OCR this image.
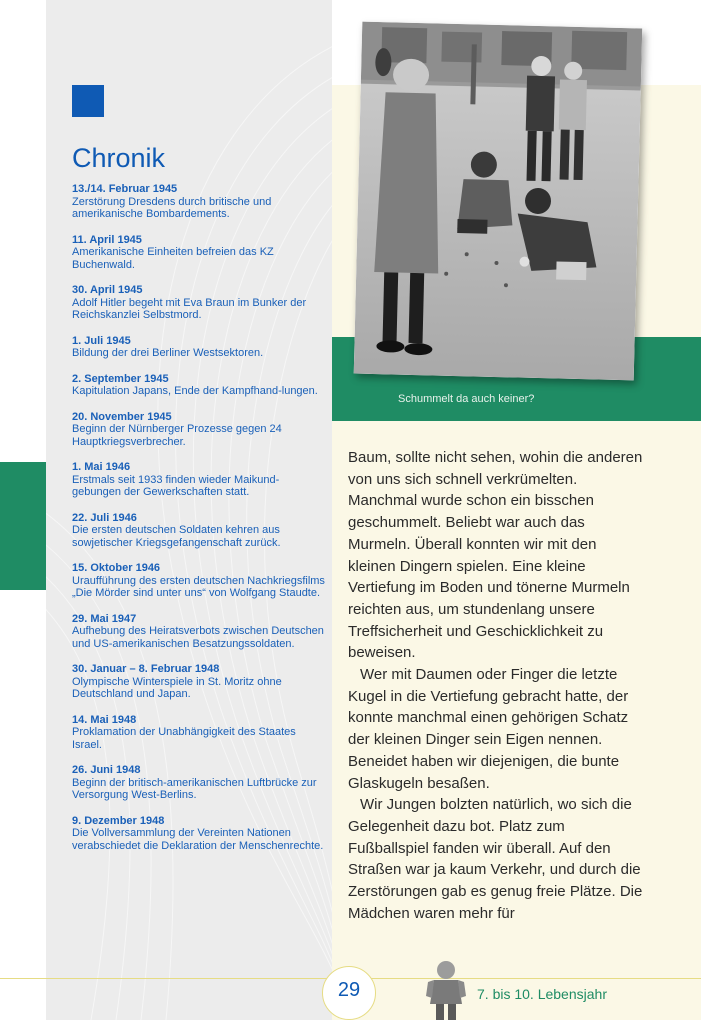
Chronik
13./14. Februar 1945
Zerstörung Dresdens durch britische und amerikanische Bombardements.
11. April 1945
Amerikanische Einheiten befreien das KZ Buchenwald.
30. April 1945
Adolf Hitler begeht mit Eva Braun im Bunker der Reichskanzlei Selbstmord.
1. Juli 1945
Bildung der drei Berliner Westsektoren.
2. September 1945
Kapitulation Japans, Ende der Kampfhand-lungen.
20. November 1945
Beginn der Nürnberger Prozesse gegen 24 Hauptkriegsverbrecher.
1. Mai 1946
Erstmals seit 1933 finden wieder Maikund-gebungen der Gewerkschaften statt.
22. Juli 1946
Die ersten deutschen Soldaten kehren aus sowjetischer Kriegsgefangenschaft zurück.
15. Oktober 1946
Uraufführung des ersten deutschen Nachkriegsfilms „Die Mörder sind unter uns“ von Wolfgang Staudte.
29. Mai 1947
Aufhebung des Heiratsverbots zwischen Deutschen und US-amerikanischen Besatzungssoldaten.
30. Januar – 8. Februar 1948
Olympische Winterspiele in St. Moritz ohne Deutschland und Japan.
14. Mai 1948
Proklamation der Unabhängigkeit des Staates Israel.
26. Juni 1948
Beginn der britisch-amerikanischen Luftbrücke zur Versorgung West-Berlins.
9. Dezember 1948
Die Vollversammlung der Vereinten Nationen verabschiedet die Deklaration der Menschenrechte.
Schummelt da auch keiner?

Baum, sollte nicht sehen, wohin die anderen von uns sich schnell verkrümelten. Manchmal wurde schon ein bisschen geschummelt. Beliebt war auch das Murmeln. Überall konnten wir mit den kleinen Dingern spielen. Eine kleine Vertiefung im Boden und tönerne Murmeln reichten aus, um stundenlang unsere Treffsicherheit und Geschicklichkeit zu beweisen.

Wer mit Daumen oder Finger die letzte Kugel in die Vertiefung gebracht hatte, der konnte manchmal einen gehörigen Schatz der kleinen Dinger sein Eigen nennen. Beneidet haben wir diejenigen, die bunte Glaskugeln besaßen.

Wir Jungen bolzten natürlich, wo sich die Gelegenheit dazu bot. Platz zum Fußballspiel fanden wir überall. Auf den Straßen war ja kaum Verkehr, und durch die Zerstörungen gab es genug freie Plätze. Die Mädchen waren mehr für

29	7. bis 10. Lebensjahr
